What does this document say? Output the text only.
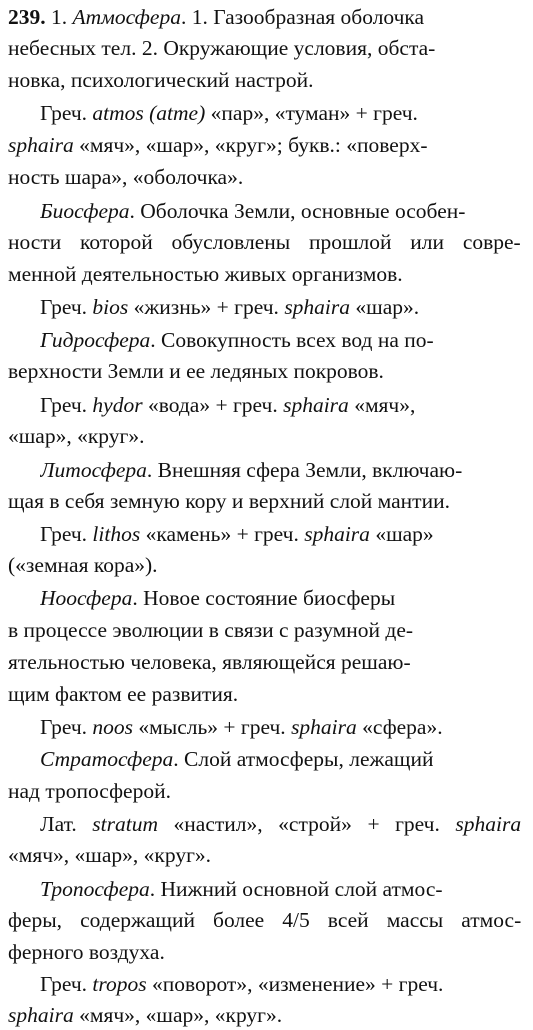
239. 1. Атмосфера. 1. Газообразная оболочка
небесных тел. 2. Окружающие условия, обста-
новка, психологический настрой.
Греч. atmos (atme) «пар», «туман» + греч.
sphaira «мяч», «шар», «круг»; букв.: «поверх-
ность шара», «оболочка».
Биосфера. Оболочка Земли, основные особен-
ности которой обусловлены прошлой или совре-
менной деятельностью живых организмов.
Греч. bios «жизнь» + греч. sphaira «шар».
Гидросфера. Совокупность всех вод на по-
верхности Земли и ее ледяных покровов.
Греч. hydor «вода» + греч. sphaira «мяч»,
«шар», «круг».
Литосфера. Внешняя сфера Земли, включаю-
щая в себя земную кору и верхний слой мантии.
Греч. lithos «камень» + греч. sphaira «шар»
(«земная кора»).
Ноосфера. Новое состояние биосферы
в процессе эволюции в связи с разумной де-
ятельностью человека, являющейся решаю-
щим фактом ее развития.
Греч. noos «мысль» + греч. sphaira «сфера».
Стратосфера. Слой атмосферы, лежащий
над тропосферой.
Лат. stratum «настил», «строй» + греч. sphaira
«мяч», «шар», «круг».
Тропосфера. Нижний основной слой атмос-
феры, содержащий более 4/5 всей массы атмос-
ферного воздуха.
Греч. tropos «поворот», «изменение» + греч.
sphaira «мяч», «шар», «круг».
